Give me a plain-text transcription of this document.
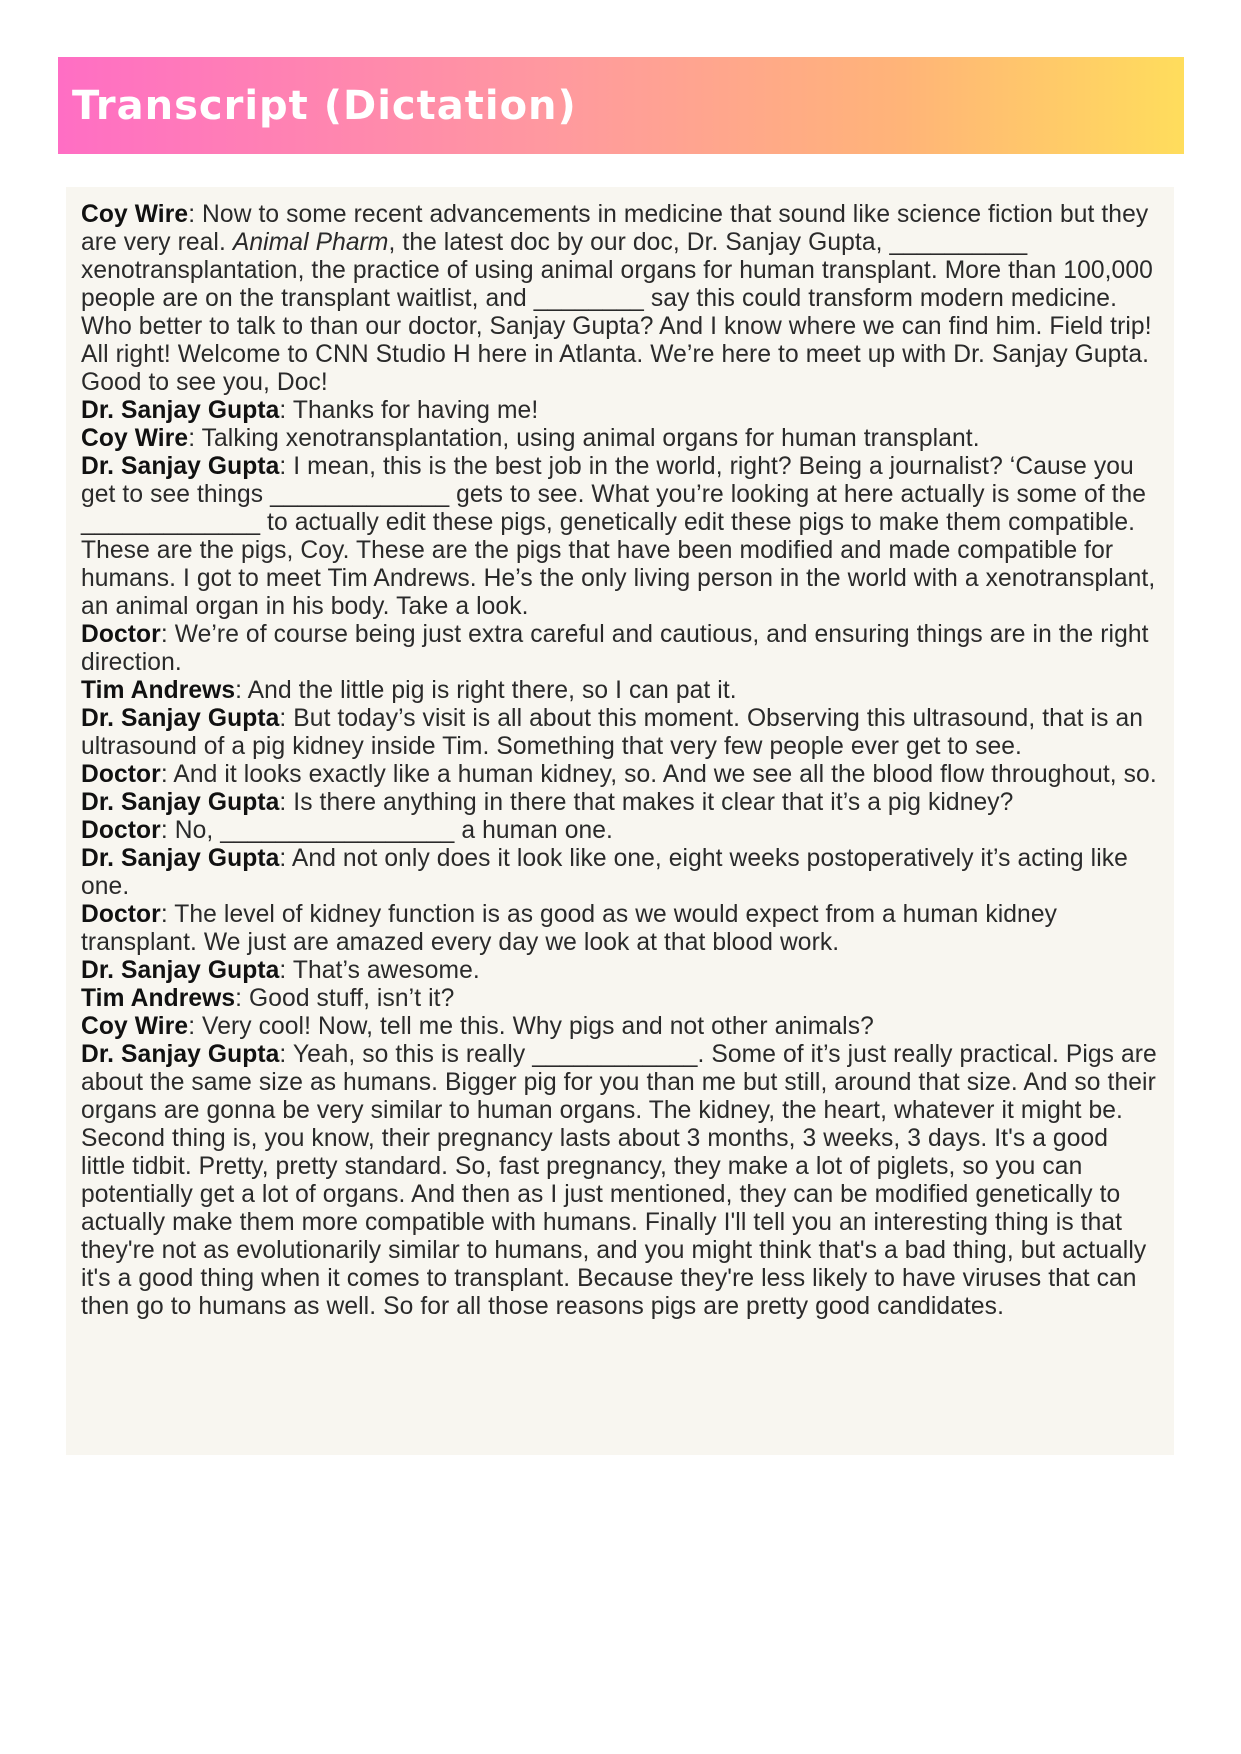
Transcript (Dictation)

Coy Wire: Now to some recent advancements in medicine that sound like science fiction but they are very real. Animal Pharm, the latest doc by our doc, Dr. Sanjay Gupta, __________ xenotransplantation, the practice of using animal organs for human transplant. More than 100,000 people are on the transplant waitlist, and ________ say this could transform modern medicine. Who better to talk to than our doctor, Sanjay Gupta? And I know where we can find him. Field trip! All right! Welcome to CNN Studio H here in Atlanta. We’re here to meet up with Dr. Sanjay Gupta. Good to see you, Doc!

Dr. Sanjay Gupta: Thanks for having me!

Coy Wire: Talking xenotransplantation, using animal organs for human transplant.

Dr. Sanjay Gupta: I mean, this is the best job in the world, right? Being a journalist? ‘Cause you get to see things _____________ gets to see. What you’re looking at here actually is some of the _____________ to actually edit these pigs, genetically edit these pigs to make them compatible. These are the pigs, Coy. These are the pigs that have been modified and made compatible for humans. I got to meet Tim Andrews. He’s the only living person in the world with a xenotransplant, an animal organ in his body. Take a look.

Doctor: We’re of course being just extra careful and cautious, and ensuring things are in the right direction.

Tim Andrews: And the little pig is right there, so I can pat it.

Dr. Sanjay Gupta: But today’s visit is all about this moment. Observing this ultrasound, that is an ultrasound of a pig kidney inside Tim. Something that very few people ever get to see.

Doctor: And it looks exactly like a human kidney, so. And we see all the blood flow throughout, so.

Dr. Sanjay Gupta: Is there anything in there that makes it clear that it’s a pig kidney?

Doctor: No, _________________ a human one.

Dr. Sanjay Gupta: And not only does it look like one, eight weeks postoperatively it’s acting like one.

Doctor: The level of kidney function is as good as we would expect from a human kidney transplant. We just are amazed every day we look at that blood work.

Dr. Sanjay Gupta: That’s awesome.

Tim Andrews: Good stuff, isn’t it?

Coy Wire: Very cool! Now, tell me this. Why pigs and not other animals?

Dr. Sanjay Gupta: Yeah, so this is really ____________. Some of it’s just really practical. Pigs are about the same size as humans. Bigger pig for you than me but still, around that size. And so their organs are gonna be very similar to human organs. The kidney, the heart, whatever it might be. Second thing is, you know, their pregnancy lasts about 3 months, 3 weeks, 3 days. It's a good little tidbit. Pretty, pretty standard. So, fast pregnancy, they make a lot of piglets, so you can potentially get a lot of organs. And then as I just mentioned, they can be modified genetically to actually make them more compatible with humans. Finally I'll tell you an interesting thing is that they're not as evolutionarily similar to humans, and you might think that's a bad thing, but actually it's a good thing when it comes to transplant. Because they're less likely to have viruses that can then go to humans as well. So for all those reasons pigs are pretty good candidates.
